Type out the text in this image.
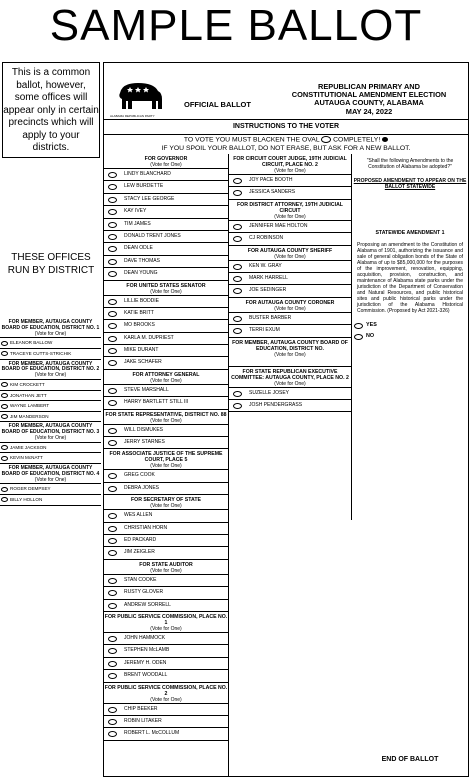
SAMPLE BALLOT
This is a common ballot, however, some offices will appear only in certain precincts which will apply to your districts.
THESE OFFICES RUN BY DISTRICT
ALABAMA REPUBLICAN PARTY
OFFICIAL BALLOT
REPUBLICAN PRIMARY AND
CONSTITUTIONAL AMENDMENT ELECTION
AUTAUGA COUNTY, ALABAMA
MAY 24, 2022
INSTRUCTIONS TO THE VOTER
TO VOTE YOU MUST BLACKEN THE OVAL COMPLETELY!
IF YOU SPOIL YOUR BALLOT, DO NOT ERASE, BUT ASK FOR A NEW BALLOT.
FOR GOVERNOR
(Vote for One)
LINDY BLANCHARD
LEW BURDETTE
STACY LEE GEORGE
KAY IVEY
TIM JAMES
DONALD TRENT JONES
DEAN ODLE
DAVE THOMAS
DEAN YOUNG
FOR UNITED STATES SENATOR
(Vote for One)
LILLIE BODDIE
KATIE BRITT
MO BROOKS
KARLA M. DUPRIEST
MIKE DURANT
JAKE SCHAFER
FOR ATTORNEY GENERAL
(Vote for One)
STEVE MARSHALL
HARRY BARTLETT STILL III
FOR STATE REPRESENTATIVE, DISTRICT NO. 88
(Vote for One)
WILL DISMUKES
JERRY STARNES
FOR ASSOCIATE JUSTICE OF THE SUPREME COURT, PLACE 5
(Vote for One)
GREG COOK
DEBRA JONES
FOR SECRETARY OF STATE
(Vote for One)
WES ALLEN
CHRISTIAN HORN
ED PACKARD
JIM ZEIGLER
FOR STATE AUDITOR
(Vote for One)
STAN COOKE
RUSTY GLOVER
ANDREW SORRELL
FOR PUBLIC SERVICE COMMISSION, PLACE NO. 1
(Vote for One)
JOHN HAMMOCK
STEPHEN McLAMB
JEREMY H. ODEN
BRENT WOODALL
FOR PUBLIC SERVICE COMMISSION, PLACE NO. 2
(Vote for One)
CHIP BEEKER
ROBIN LITAKER
ROBERT L. McCOLLUM
FOR CIRCUIT COURT JUDGE, 19TH JUDICIAL CIRCUIT, PLACE NO. 2
(Vote for One)
JOY PACE BOOTH
JESSICA SANDERS
FOR DISTRICT ATTORNEY, 19TH JUDICIAL CIRCUIT
(Vote for One)
JENNIFER MAE HOLTON
CJ ROBINSON
FOR AUTAUGA COUNTY SHERIFF
(Vote for One)
KEN W. GRAY
MARK HARRELL
JOE SEDINGER
FOR AUTAUGA COUNTY CORONER
(Vote for One)
BUSTER BARBER
TERRI EXUM
FOR MEMBER, AUTAUGA COUNTY BOARD OF EDUCATION, DISTRICT NO.
(Vote for One)
FOR STATE REPUBLICAN EXECUTIVE COMMITTEE: AUTAUGA COUNTY, PLACE NO. 2
(Vote for One)
SUZELLE JOSEY
JOSH PENDERGRASS
"Shall the following Amendments to the Constitution of Alabama be adopted?"
PROPOSED AMENDMENT TO APPEAR ON THE BALLOT STATEWIDE
STATEWIDE AMENDMENT 1
Proposing an amendment to the Constitution of Alabama of 1901, authorizing the issuance and sale of general obligation bonds of the State of Alabama of up to $85,000,000 for the purposes of the improvement, renovation, equipping, acquisition, provision, construction, and maintenance of Alabama state parks under the jurisdiction of the Department of Conservation and Natural Resources, and public historical sites and public historical parks under the jurisdiction of the Alabama Historical Commission. (Proposed by Act 2021-326)
YES
NO
FOR MEMBER, AUTAUGA COUNTY BOARD OF EDUCATION, DISTRICT NO. 1
(Vote for One)
ELEANOR BALLOW
TRACEYE CUTTS-STRICHIK
FOR MEMBER, AUTAUGA COUNTY BOARD OF EDUCATION, DISTRICT NO. 2
(Vote for One)
KIM CROCKETT
JONATHAN JETT
WAYNE LAMBERT
JIM MANDERSON
FOR MEMBER, AUTAUGA COUNTY BOARD OF EDUCATION, DISTRICT NO. 3
(Vote for One)
JAMIE JACKSON
KEVIN McNATT
FOR MEMBER, AUTAUGA COUNTY BOARD OF EDUCATION, DISTRICT NO. 4
(Vote for One)
ROGER DEMPSEY
BILLY HOLLON
END OF BALLOT
